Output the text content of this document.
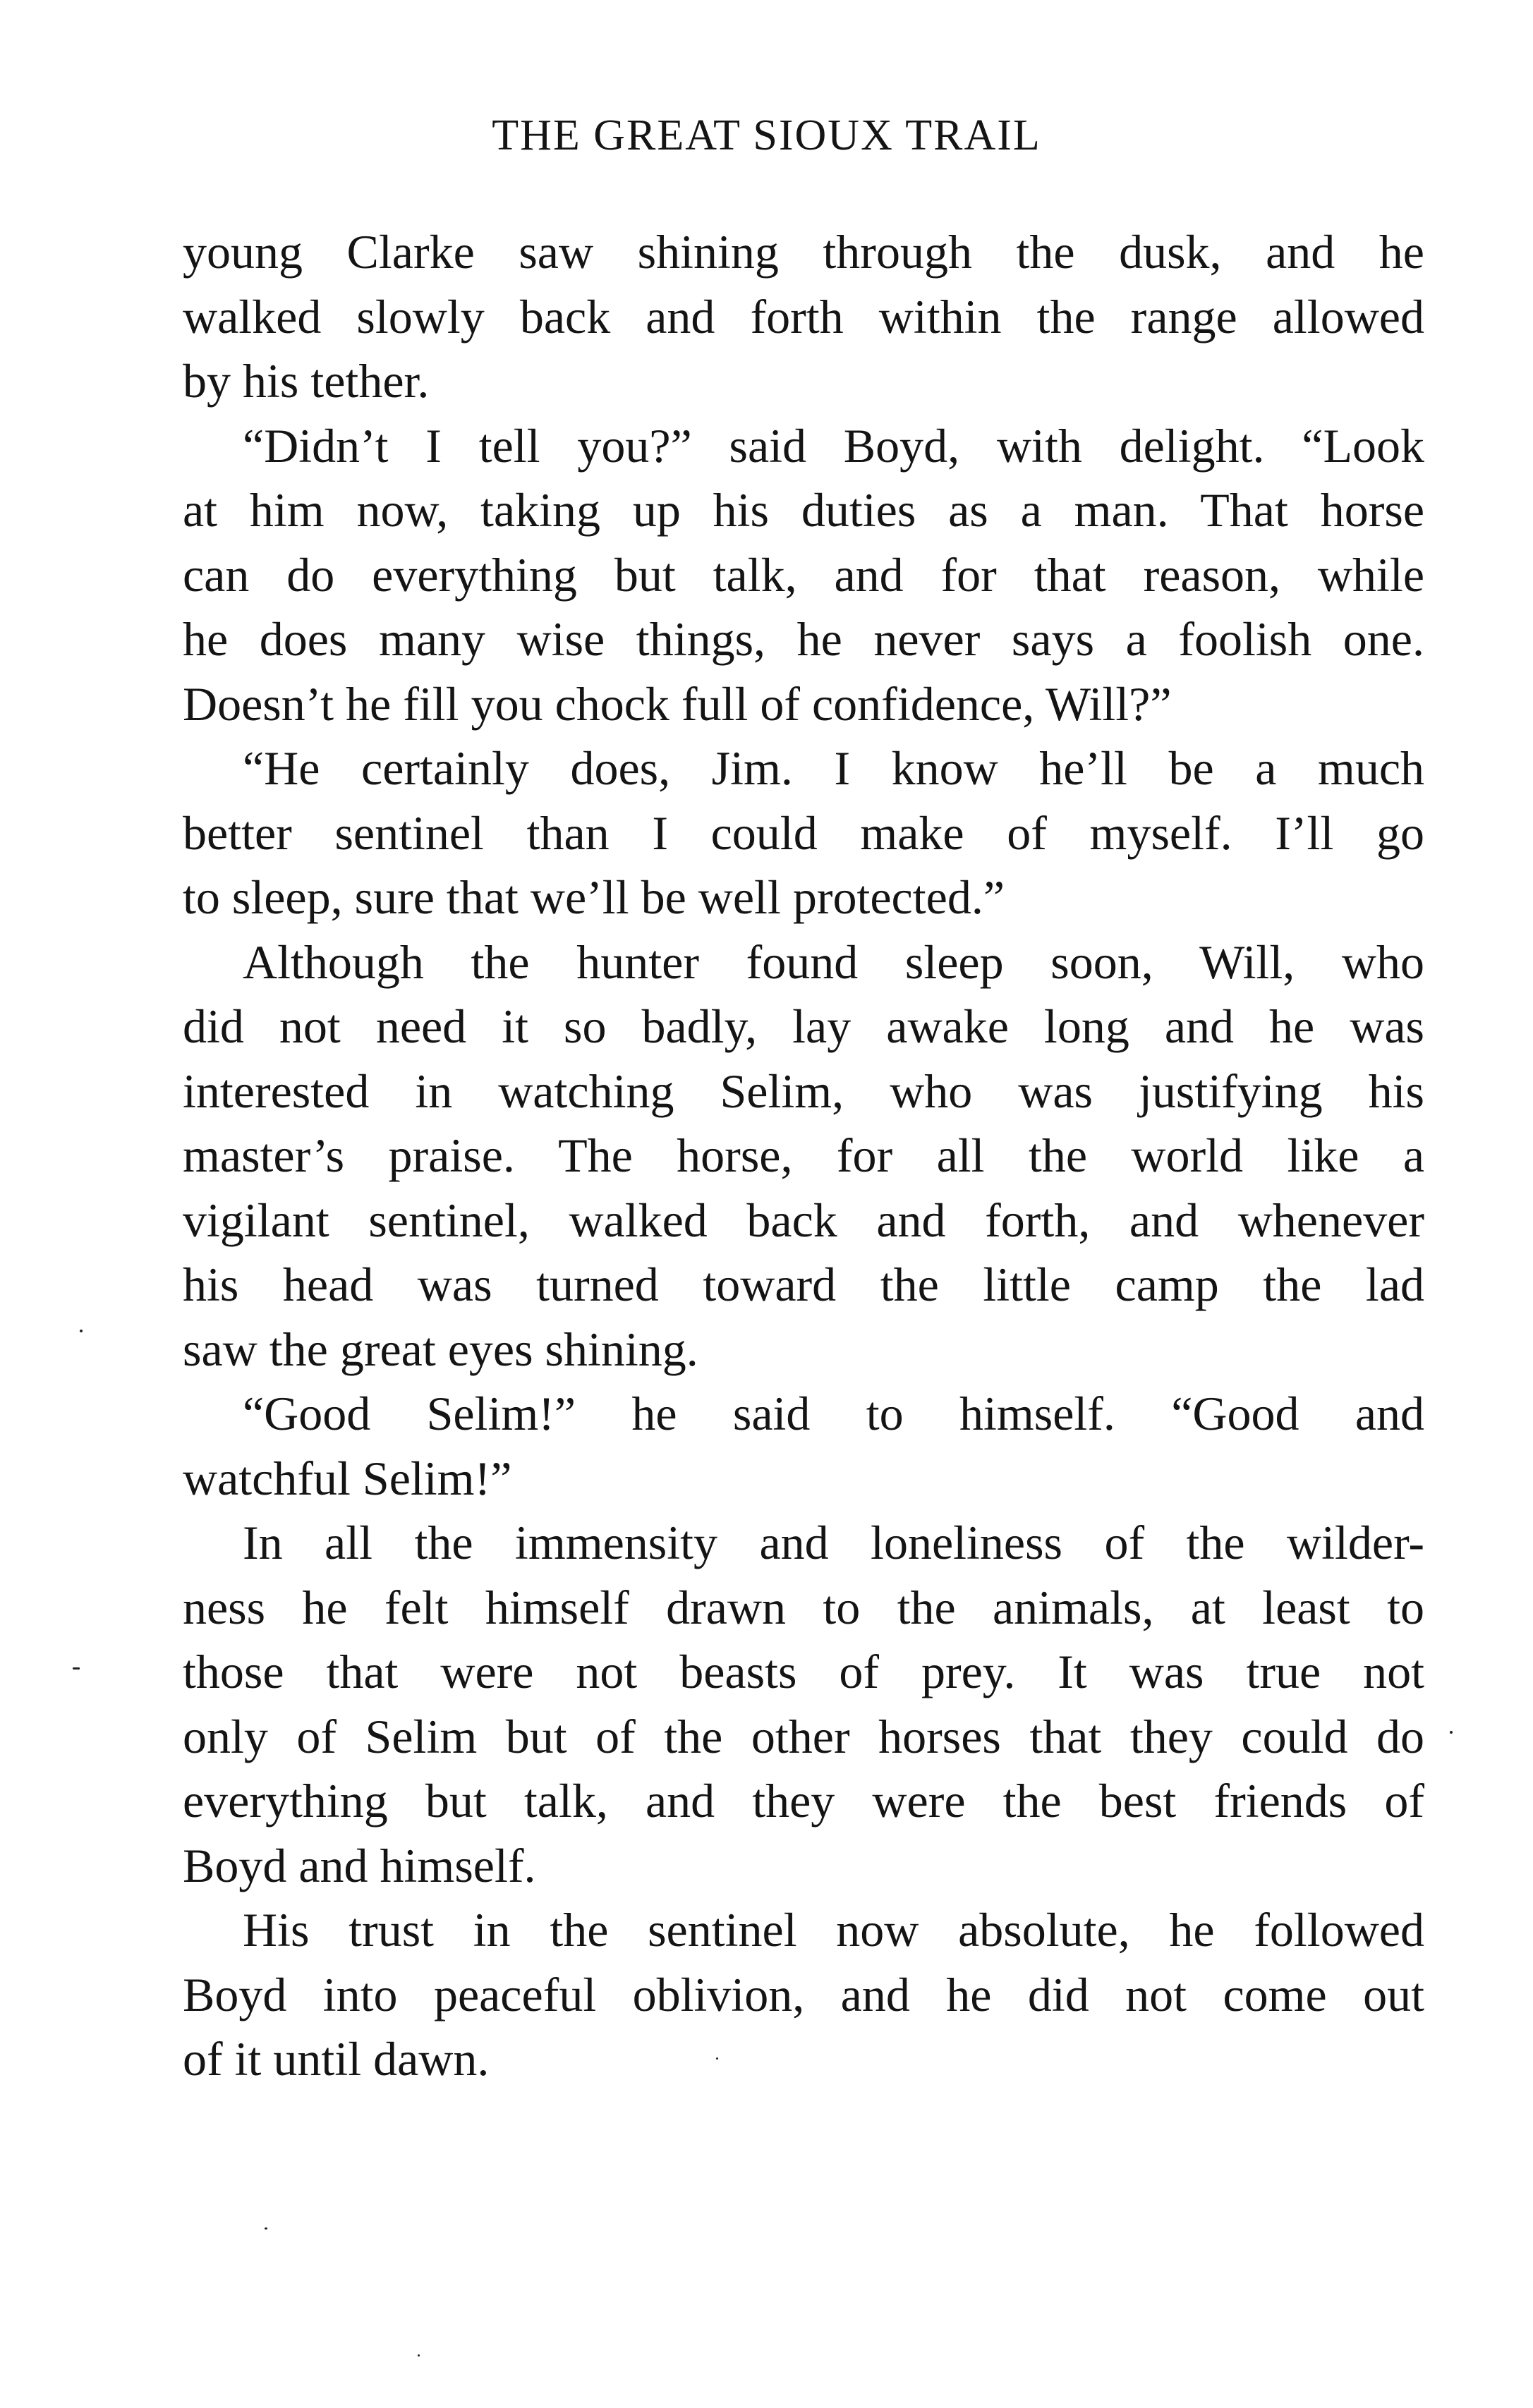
THE GREAT SIOUX TRAIL
young Clarke saw shining through the dusk, and he
walked slowly back and forth within the range allowed
by his tether.
“Didn’t I tell you?” said Boyd, with delight. “Look
at him now, taking up his duties as a man. That horse
can do everything but talk, and for that reason, while
he does many wise things, he never says a foolish one.
Doesn’t he fill you chock full of confidence, Will?”
“He certainly does, Jim. I know he’ll be a much
better sentinel than I could make of myself. I’ll go
to sleep, sure that we’ll be well protected.”
Although the hunter found sleep soon, Will, who
did not need it so badly, lay awake long and he was
interested in watching Selim, who was justifying his
master’s praise. The horse, for all the world like a
vigilant sentinel, walked back and forth, and whenever
his head was turned toward the little camp the lad
saw the great eyes shining.
“Good Selim!” he said to himself. “Good and
watchful Selim!”
In all the immensity and loneliness of the wilder-
ness he felt himself drawn to the animals, at least to
those that were not beasts of prey. It was true not
only of Selim but of the other horses that they could do
everything but talk, and they were the best friends of
Boyd and himself.
His trust in the sentinel now absolute, he followed
Boyd into peaceful oblivion, and he did not come out
of it until dawn.
